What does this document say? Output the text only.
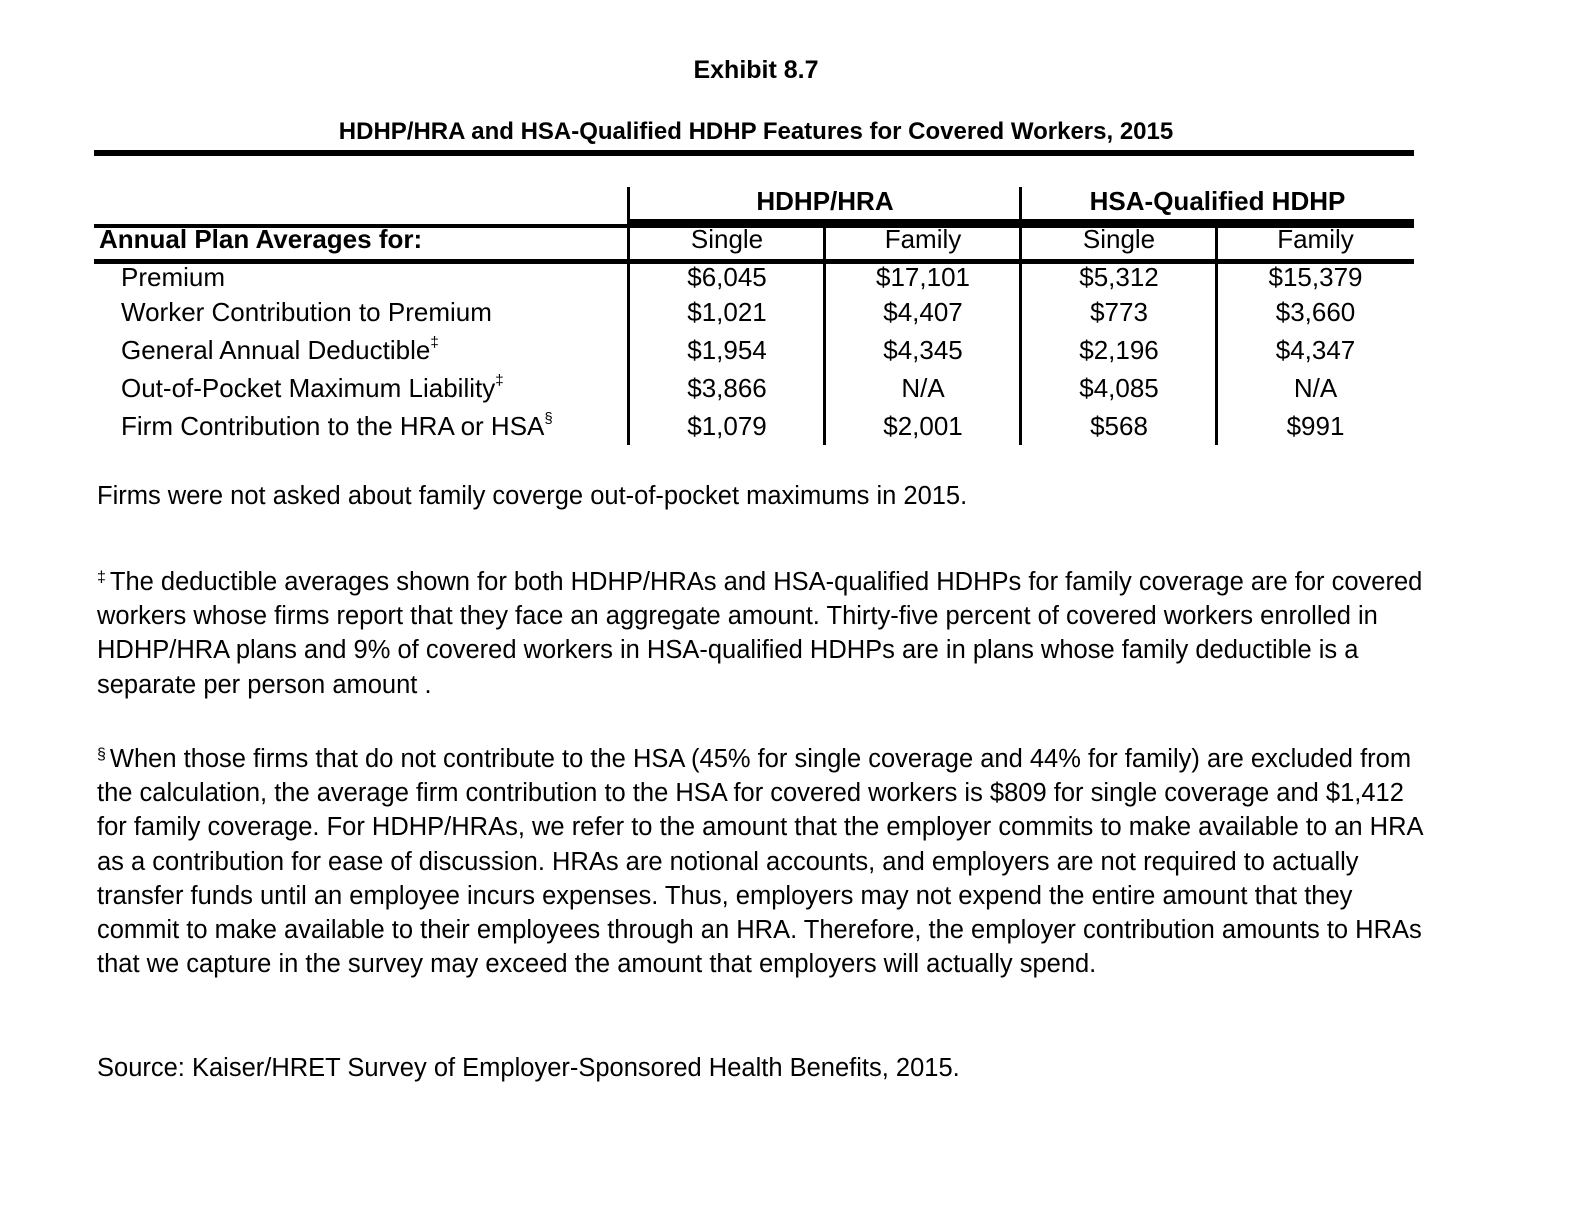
Exhibit 8.7
HDHP/HRA and HSA-Qualified HDHP Features for Covered Workers, 2015
HDHP/HRA	HSA-Qualified HDHP
Annual Plan Averages for:	Single	Family	Single	Family
Premium	$6,045	$17,101	$5,312	$15,379
Worker Contribution to Premium	$1,021	$4,407	$773	$3,660
General Annual Deductible‡	$1,954	$4,345	$2,196	$4,347
Out-of-Pocket Maximum Liability‡	$3,866	N/A	$4,085	N/A
Firm Contribution to the HRA or HSA§	$1,079	$2,001	$568	$991
Firms were not asked about family coverge out-of-pocket maximums in 2015.
‡ The deductible averages shown for both HDHP/HRAs and HSA-qualified HDHPs for family coverage are for covered workers whose firms report that they face an aggregate amount. Thirty-five percent of covered workers enrolled in HDHP/HRA plans and 9% of covered workers in HSA-qualified HDHPs are in plans whose family deductible is a separate per person amount .
§ When those firms that do not contribute to the HSA (45% for single coverage and 44% for family) are excluded from the calculation, the average firm contribution to the HSA for covered workers is $809 for single coverage and $1,412 for family coverage. For HDHP/HRAs, we refer to the amount that the employer commits to make available to an HRA as a contribution for ease of discussion. HRAs are notional accounts, and employers are not required to actually transfer funds until an employee incurs expenses. Thus, employers may not expend the entire amount that they commit to make available to their employees through an HRA. Therefore, the employer contribution amounts to HRAs that we capture in the survey may exceed the amount that employers will actually spend.
Source: Kaiser/HRET Survey of Employer-Sponsored Health Benefits, 2015.
